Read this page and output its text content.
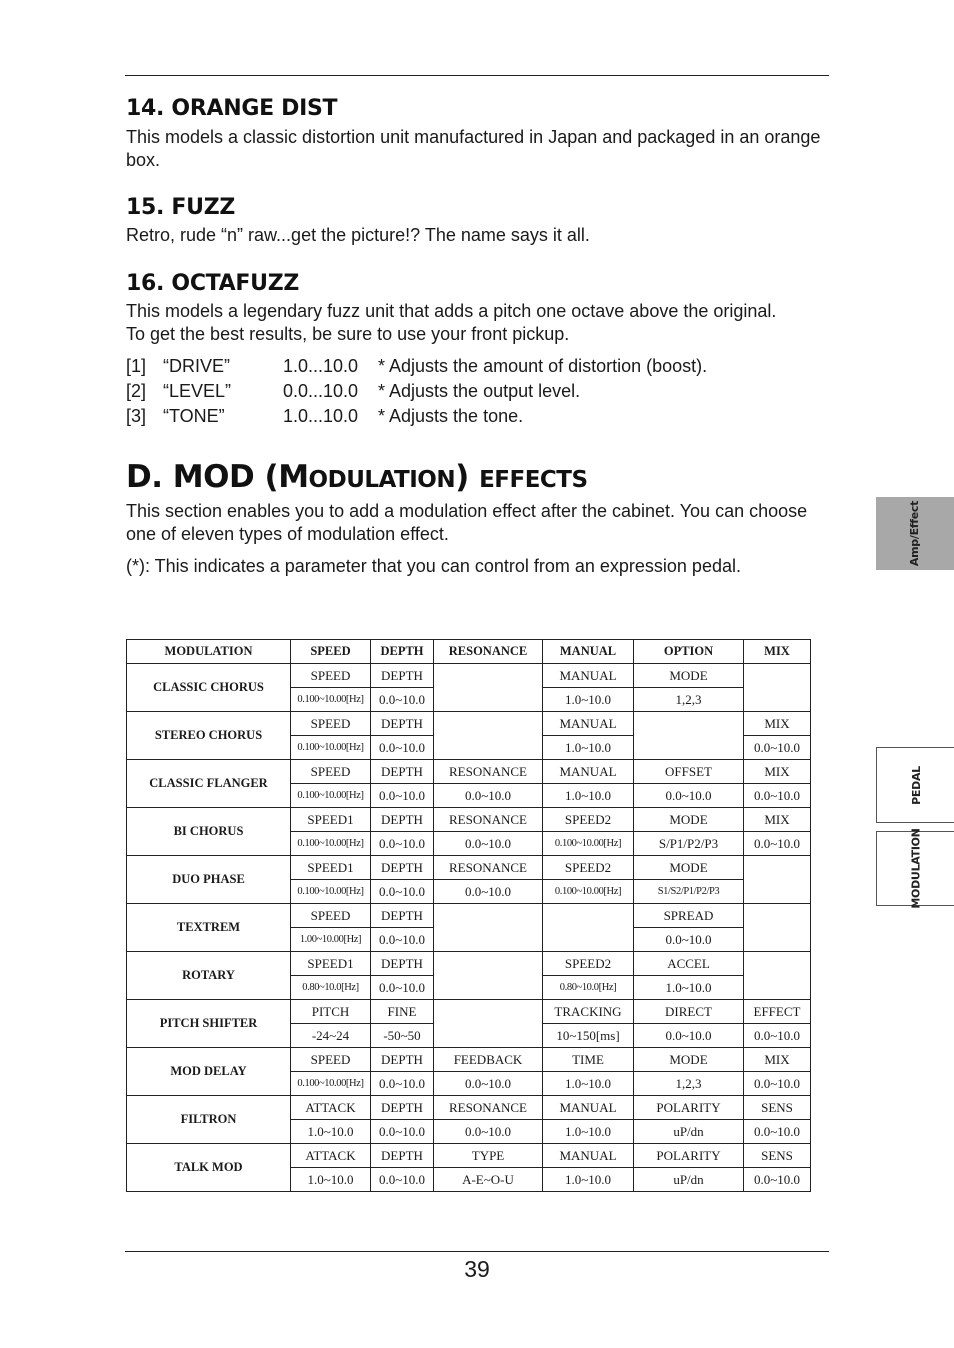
14. ORANGE DIST

This models a classic distortion unit manufactured in Japan and packaged in an orange box.

15. FUZZ

Retro, rude “n” raw...get the picture!? The name says it all.

16. OCTAFUZZ

This models a legendary fuzz unit that adds a pitch one octave above the original.

To get the best results, be sure to use your front pickup.

[1] “DRIVE”	1.0...10.0	* Adjusts the amount of distortion (boost).
[2] “LEVEL”	0.0...10.0	* Adjusts the output level.
[3] “TONE”	1.0...10.0	* Adjusts the tone.
D. MOD (MODULATION) EFFECTS

This section enables you to add a modulation effect after the cabinet. You can choose one of eleven types of modulation effect.

(*): This indicates a parameter that you can control from an expression pedal.

MODULATION	SPEED	DEPTH	RESONANCE	MANUAL	OPTION	MIX
CLASSIC CHORUS	SPEED	DEPTH		MANUAL	MODE	
	0.100~10.00[Hz]	0.0~10.0		1.0~10.0	1,2,3	
STEREO CHORUS	SPEED	DEPTH		MANUAL		MIX
	0.100~10.00[Hz]	0.0~10.0		1.0~10.0		0.0~10.0
CLASSIC FLANGER	SPEED	DEPTH	RESONANCE	MANUAL	OFFSET	MIX
	0.100~10.00[Hz]	0.0~10.0	0.0~10.0	1.0~10.0	0.0~10.0	0.0~10.0
BI CHORUS	SPEED1	DEPTH	RESONANCE	SPEED2	MODE	MIX
	0.100~10.00[Hz]	0.0~10.0	0.0~10.0	0.100~10.00[Hz]	S/P1/P2/P3	0.0~10.0
DUO PHASE	SPEED1	DEPTH	RESONANCE	SPEED2	MODE	
	0.100~10.00[Hz]	0.0~10.0	0.0~10.0	0.100~10.00[Hz]	S1/S2/P1/P2/P3	
TEXTREM	SPEED	DEPTH			SPREAD	
	1.00~10.00[Hz]	0.0~10.0			0.0~10.0	
ROTARY	SPEED1	DEPTH		SPEED2	ACCEL	
	0.80~10.0[Hz]	0.0~10.0		0.80~10.0[Hz]	1.0~10.0	
PITCH SHIFTER	PITCH	FINE		TRACKING	DIRECT	EFFECT
	-24~24	-50~50		10~150[ms]	0.0~10.0	0.0~10.0
MOD DELAY	SPEED	DEPTH	FEEDBACK	TIME	MODE	MIX
	0.100~10.00[Hz]	0.0~10.0	0.0~10.0	1.0~10.0	1,2,3	0.0~10.0
FILTRON	ATTACK	DEPTH	RESONANCE	MANUAL	POLARITY	SENS
	1.0~10.0	0.0~10.0	0.0~10.0	1.0~10.0	uP/dn	0.0~10.0
TALK MOD	ATTACK	DEPTH	TYPE	MANUAL	POLARITY	SENS
	1.0~10.0	0.0~10.0	A-E~O-U	1.0~10.0	uP/dn	0.0~10.0
Amp/Effect
PEDAL
MODULATION
39
